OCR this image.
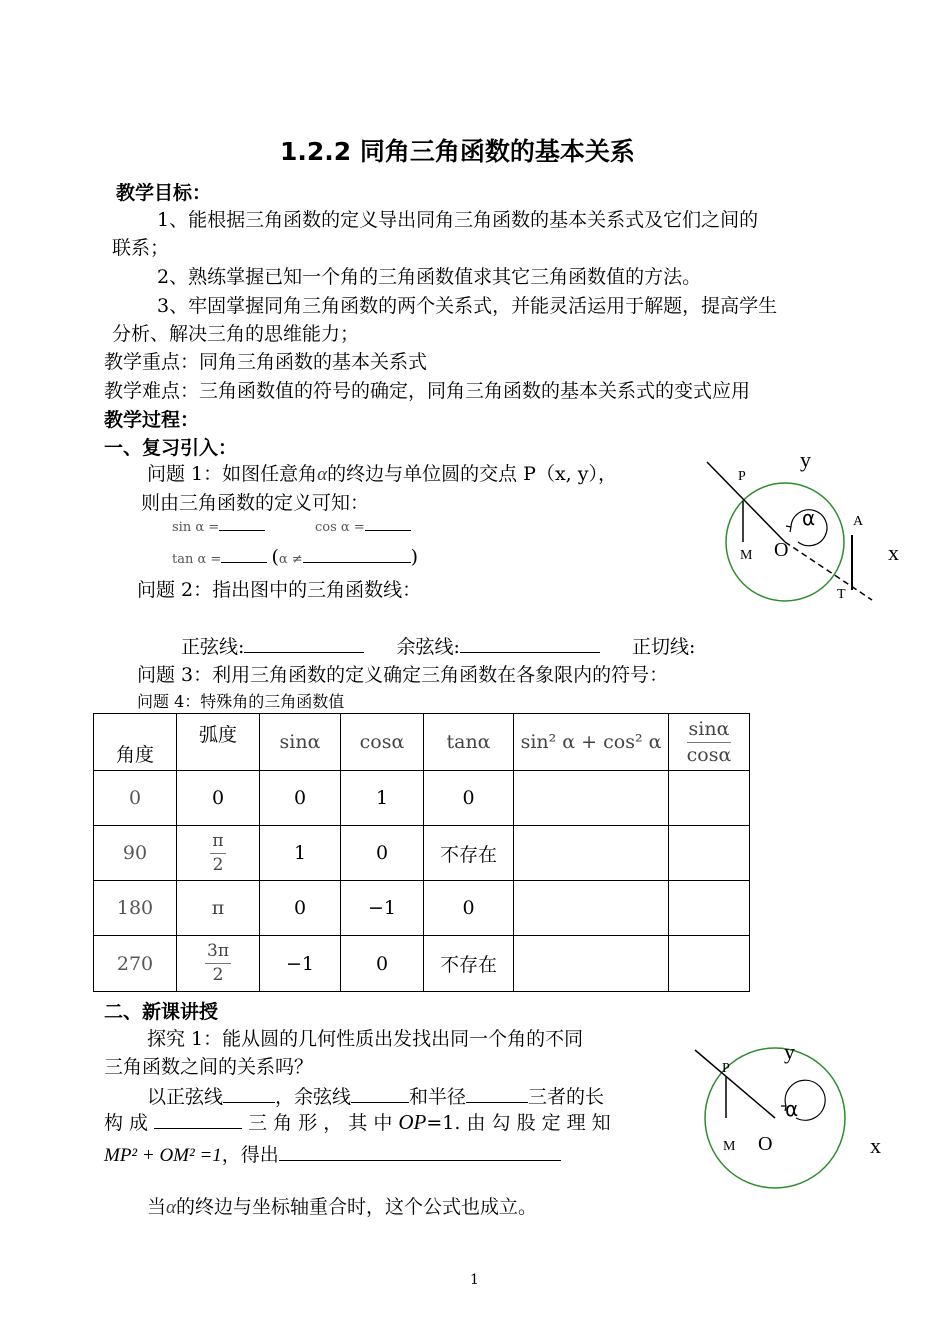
1.2.2 同角三角函数的基本关系
教学目标：
1、能根据三角函数的定义导出同角三角函数的基本关系式及它们之间的
联系；
2、熟练掌握已知一个角的三角函数值求其它三角函数值的方法。
3、牢固掌握同角三角函数的两个关系式，并能灵活运用于解题，提高学生
分析、解决三角的思维能力；
教学重点：同角三角函数的基本关系式
教学难点：三角函数值的符号的确定，同角三角函数的基本关系式的变式应用
教学过程：
一、复习引入：
问题 1：如图任意角α的终边与单位圆的交点 P（x, y），
则由三角函数的定义可知：
sin α =	cos α =
tan α =	(α ≠	)
问题 2：指出图中的三角函数线：
正弦线:	余弦线:	正切线:
问题 3：利用三角函数的定义确定三角函数在各象限内的符号：
问题 4：特殊角的三角函数值
y
x
P
α	A
M O
T
角度	弧度	sinα	cosα	tanα	sin² α + cos² α	$\frac{\sin\alpha}{\cos\alpha}$

0	0	0	1	0		
90	$\frac{\pi}{2}$	1	0	不存在		
180	π	0	−1	0		
270	$\frac{3\pi}{2}$	−1	0	不存在		
二、新课讲授
探究 1：能从圆的几何性质出发找出同一个角的不同
三角函数之间的关系吗？
以正弦线	，余弦线	和半径	三者的长
构 成	三 角 形 ， 其 中 OP=1. 由 勾 股 定 理 知
MP² + OM² =1，得出
当α的终边与坐标轴重合时，这个公式也成立。
y
x
P
α
M O
1
